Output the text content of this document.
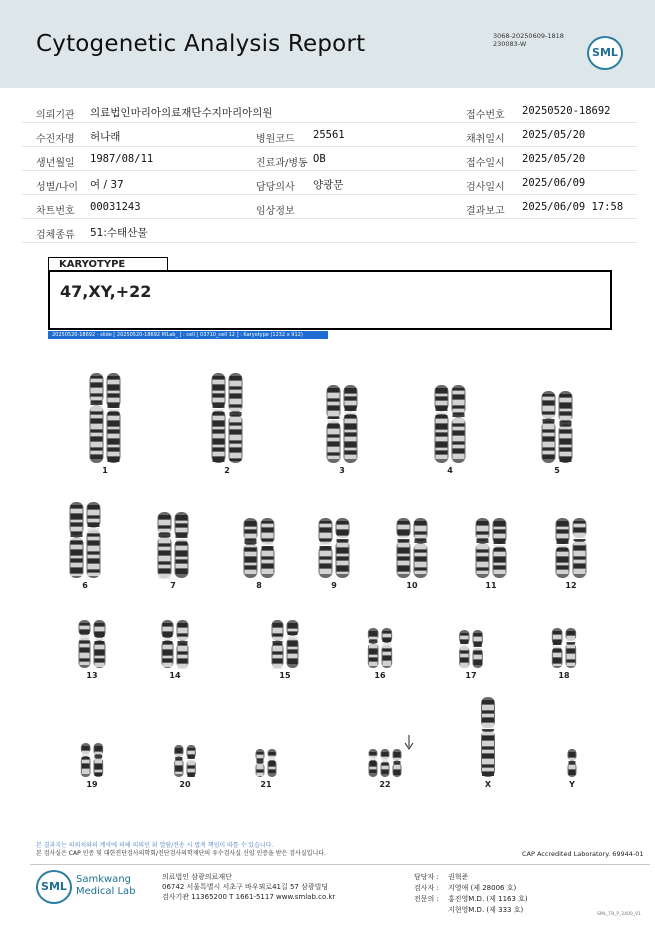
Cytogenetic Analysis Report	3068-20250609-1818
230083-W
SML
의뢰기관 의료법인마리아의료재단수지마리아의원	접수번호 20250520-18692
수진자명 허나래	병원코드 25561	채취일시 2025/05/20
생년월일 1987/08/11	진료과/병동 OB	접수일시 2025/05/20
성별/나이 여 / 37	담당의사 양광문	검사일시 2025/06/09
차트번호 00031243	임상정보	결과보고 2025/06/09 17:58
검체종류 51:수태산물
KARYOTYPE
47,XY,+22
20250520-18692 - slide [ 20250520-18692 M1ab_ ] : cell [ 03710_cell 12 ] : Karyotype (1232 x 912)
1	2	3	4	5
6	7	8	9	10	11	12
13	14	15	16	17	18
19	20	21	22	X	Y
본 결과지는 의뢰처와의 계약에 의해 의뢰인 외 열람/전송 시 법적 책임이 따를 수 있습니다.
본 검사실은 CAP 인증 및 대한진단검사의학회/진단검사의학재단의 우수검사실 신임 인증을 받은 검사실입니다.	CAP Accredited Laboratory. 69944-01
SML
Samkwang
Medical Lab
의료법인 삼광의료재단
06742 서울특별시 서초구 바우뫼로41길 57 삼광빌딩
검사기관 11365200 T 1661-5117 www.smlab.co.kr
담당자 : 권혁준
검사자 : 지영애 (제 28006 호)
전문의 : 홍진영M.D. (제 1163 호)
지현영M.D. (제 333 호)
SML_T8_P_2400_V1
